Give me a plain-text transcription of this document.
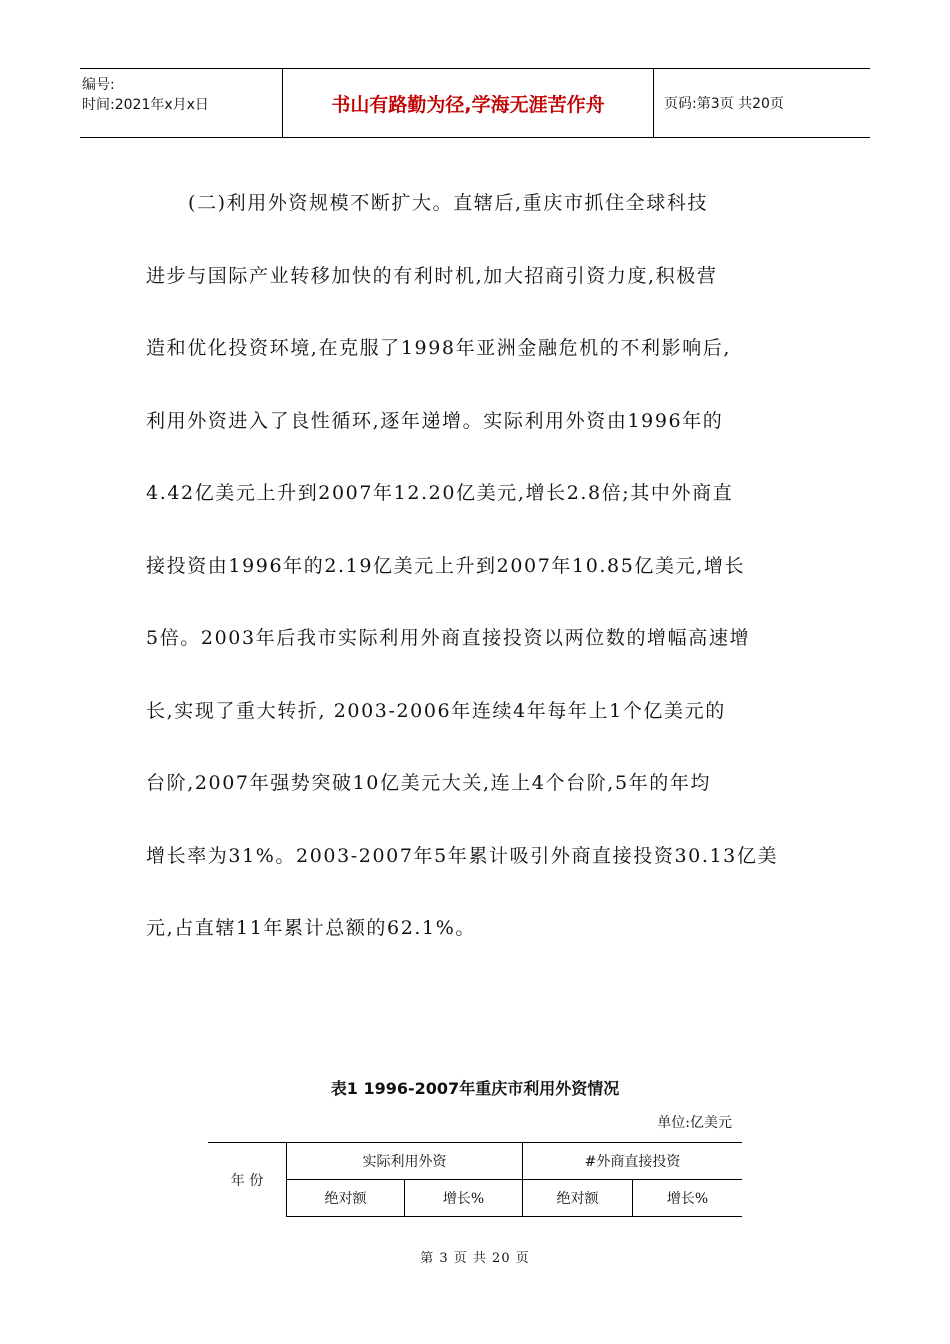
编号:
时间:2021年x月x日	书山有路勤为径,学海无涯苦作舟	页码:第3页 共20页
(二)利用外资规模不断扩大。直辖后,重庆市抓住全球科技
进步与国际产业转移加快的有利时机,加大招商引资力度,积极营
造和优化投资环境,在克服了1998年亚洲金融危机的不利影响后,
利用外资进入了良性循环,逐年递增。实际利用外资由1996年的
4.42亿美元上升到2007年12.20亿美元,增长2.8倍;其中外商直
接投资由1996年的2.19亿美元上升到2007年10.85亿美元,增长
5倍。2003年后我市实际利用外商直接投资以两位数的增幅高速增
长,实现了重大转折, 2003-2006年连续4年每年上1个亿美元的
台阶,2007年强势突破10亿美元大关,连上4个台阶,5年的年均
增长率为31%。2003-2007年5年累计吸引外商直接投资30.13亿美
元,占直辖11年累计总额的62.1%。
表1 1996-2007年重庆市利用外资情况
单位:亿美元
年 份	实际利用外资		#外商直接投资	
	绝对额	增长%	绝对额	增长%
第 3 页 共 20 页
